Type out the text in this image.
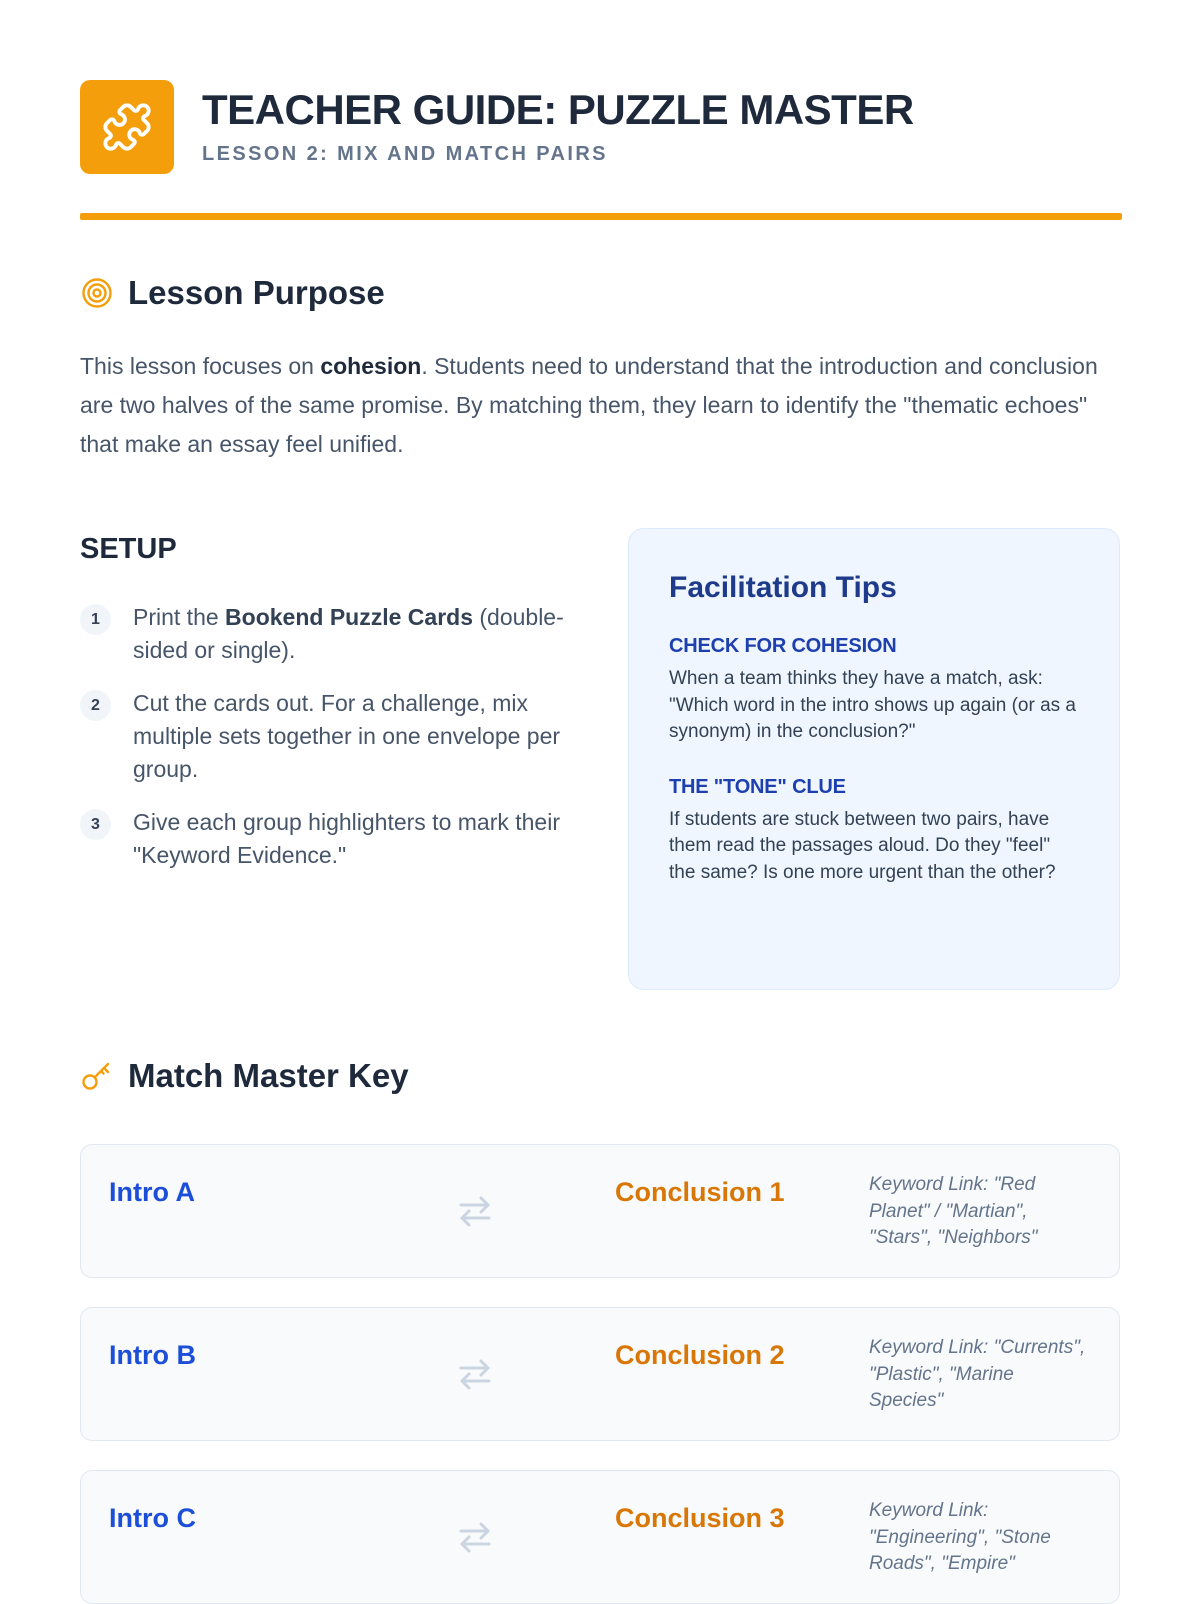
TEACHER GUIDE: PUZZLE MASTER
LESSON 2: MIX AND MATCH PAIRS
Lesson Purpose

This lesson focuses on cohesion. Students need to understand that the introduction and conclusion are two halves of the same promise. By matching them, they learn to identify the "thematic echoes" that make an essay feel unified.

SETUP
1	Print the Bookend Puzzle Cards (double-sided or single).
2	Cut the cards out. For a challenge, mix multiple sets together in one envelope per group.
3	Give each group highlighters to mark their "Keyword Evidence."
Facilitation Tips
CHECK FOR COHESION
When a team thinks they have a match, ask: "Which word in the intro shows up again (or as a synonym) in the conclusion?"
THE "TONE" CLUE
If students are stuck between two pairs, have them read the passages aloud. Do they "feel" the same? Is one more urgent than the other?
Match Master Key
Intro A	Conclusion 1	Keyword Link: "Red Planet" / "Martian", "Stars", "Neighbors"
Intro B	Conclusion 2	Keyword Link: "Currents", "Plastic", "Marine Species"
Intro C	Conclusion 3	Keyword Link: "Engineering", "Stone Roads", "Empire"
